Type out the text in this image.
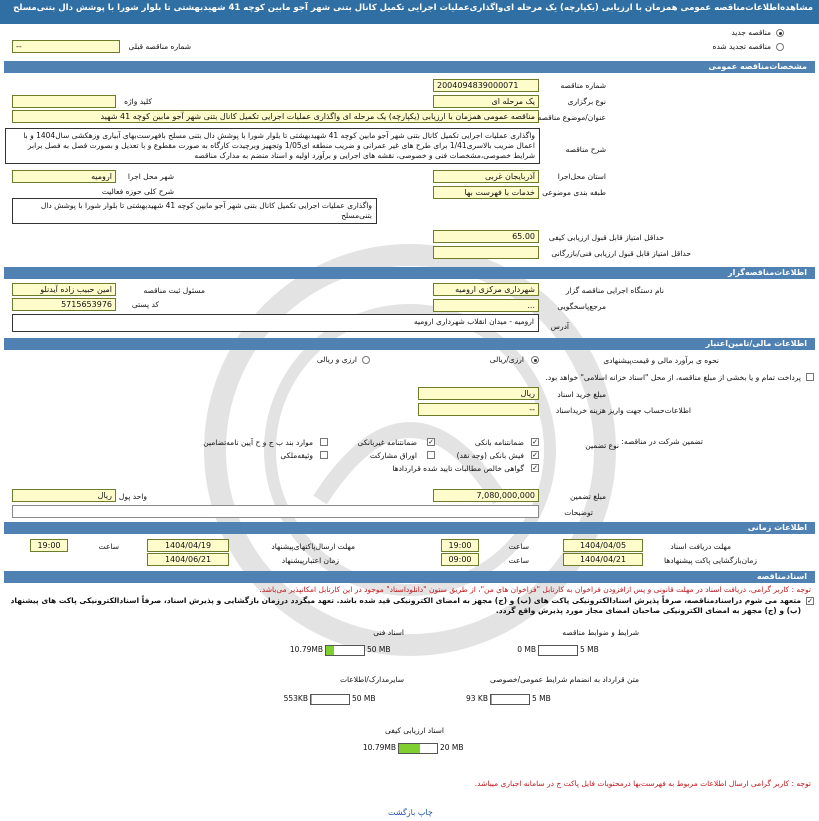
مشاهده‌اطلاعات‌مناقصه عمومی همزمان با ارزیابی (یکپارچه) یک مرحله ای‌واگذاری‌عملیات اجرایی تکمیل کانال بتنی شهر آجو مابین کوچه 41 شهید‌بهشتی تا بلوار شورا با پوشش دال بتنی‌مسلح
مناقصه جدید
مناقصه تجدید شده
--	شماره مناقصه قبلی
مشخصات‌مناقصه عمومی
2004094839000071	شماره مناقصه
یک مرحله ای	نوع برگزاری
کلید واژه
مناقصه عمومی همزمان با ارزیابی (یکپارچه) یک مرحله ای واگذاری عملیات اجرایی تکمیل کانال بتنی شهر آجو مابین کوچه 41 شهید عنوان/موضوع مناقصه
واگذاری عملیات اجرایی تکمیل کانال بتنی شهر آجو مابین کوچه 41 شهید‌بهشتی تا بلوار شورا با پوشش دال بتنی مسلح بافهرست‌بهای آبیاری وزهکشی سال1404 و با اعمال ضریب بالاسری1/41 برای طرح های غیر عمرانی و ضریب منطقه ای1/05 وتجهیز وبرچیدت کارگاه به صورت مقطوع و با تعدیل و بصورت فصل به فصل برابر شرایط خصوصی،مشخصات فنی و خصوصی، نقشه های اجرایی و برآورد اولیه و اسناد منضم به مدارک مناقصه
شرح مناقصه
آذربایجان غربی	استان محل‌اجرا
ارومیه	شهر محل اجرا
خدمات با فهرست بها طبقه بندی موضوعی
شرح کلی حوزه فعالیت
واگذاری عملیات اجرایی تکمیل کانال بتنی شهر آجو مابین کوچه 41 شهیدبهشتی تا بلوار شورا با پوشش دال بتنی‌مسلح
65.00	حداقل امتیاز قابل قبول ارزیابی کیفی
حداقل امتیاز قابل قبول ارزیابی فنی/بازرگانی
اطلاعات‌مناقصه‌گزار
شهرداری مرکزی ارومیه	نام دستگاه اجرایی مناقصه گزار
امین حبیب زاده آیدنلو	مسئول ثبت مناقصه
...	مرجع‌پاسخگویی
5715653976	کد پستی
ارومیه - میدان انقلاب شهرداری ارومیه
آدرس
اطلاعات مالی/تامین‌اعتبار
نحوه ی برآورد مالی و قیمت‌پیشنهادی
ارزی/ریالی
ارزی و ریالی
پرداخت تمام و یا بخشی از مبلغ مناقصه، از محل "اسناد خزانه اسلامی" خواهد بود.
ریال	مبلغ خرید اسناد
--	اطلاعات‌حساب جهت واریز هزینه خریداسناد
تضمین شرکت در مناقصه:
نوع تضمین
✓
ضمانتنامه بانکی
✓
ضمانتنامه غیربانکی
موارد بند ب ج و ح آیین نامه‌تضامین
✓
فیش بانکی (وجه نقد)
اوراق مشارکت
وثیقه‌ملکی
✓
گواهی خالص مطالبات تایید شده قراردادها
7,080,000,000	مبلغ تضمین
ریال واحد پول
توضیحات
اطلاعات زمانی
1404/04/05	مهلت دریافت اسناد
19:00	ساعت
1404/04/19	مهلت ارسال‌پاکتهای‌پیشنهاد
19:00	ساعت
1404/04/21	زمان‌بازگشایی پاکت پیشنهادها
09:00	ساعت
1404/06/21	زمان اعتبارپیشنهاد
اسنادمناقصه
توجه : کاربر گرامی، دریافت اسناد در مهلت قانونی و پس ازافزودن فراخوان به کارتابل "فراخوان های من"، از طریق ستون "دانلود‌اسناد" موجود در این کارتابل امکانپذیر می‌باشد.
✓
متعهد می شوم دراسنادمناقصه، صرفاً پذیرش اسنادالکترونیکی پاکت های (ب) و (ج) مجهز به امضای الکترونیکی قید شده باشد. تعهد میگردد درزمان بازگشایی و پذیرش اسناد، صرفاً اسنادالکترونیکی پاکت های پیشنهاد (ب) و (ج) مجهز به امضای الکترونیکی صاحبان امضای مجاز مورد پذیرش واقع گردد.
شرایط و ضوابط مناقصه
0 MB	5 MB
اسناد فنی
10.79MB	50 MB
متن قرارداد به انضمام شرایط عمومی/خصوصی
93 KB	5 MB
سایرمدارک/اطلاعات
553KB	50 MB
اسناد ارزیابی کیفی
10.79MB	20 MB
توجه : کاربر گرامی ارسال اطلاعات مربوط به فهرست‌بها درمحتویات فایل پاکت ج در سامانه اجباری میباشد.
چاپ بازگشت
